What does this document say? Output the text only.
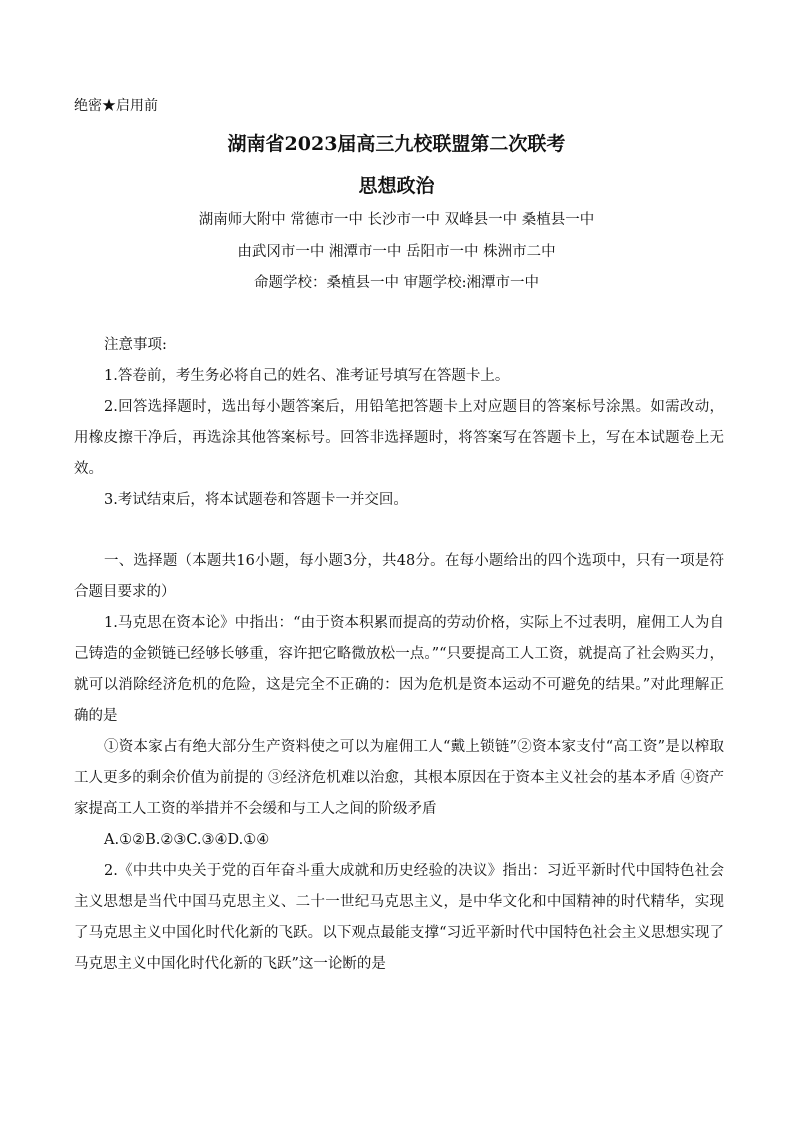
绝密★启用前
湖南省2023届高三九校联盟第二次联考
思想政治
湖南师大附中 常德市一中 长沙市一中 双峰县一中 桑植县一中
由武冈市一中 湘潭市一中 岳阳市一中 株洲市二中
命题学校：桑植县一中 审题学校:湘潭市一中

注意事项:

1.答卷前，考生务必将自己的姓名、准考证号填写在答题卡上。

2.回答选择题时，选出每小题答案后，用铅笔把答题卡上对应题目的答案标号涂黑。如需改动，用橡皮擦干净后，再选涂其他答案标号。回答非选择题时，将答案写在答题卡上，写在本试题卷上无效。

3.考试结束后，将本试题卷和答题卡一并交回。

一、选择题（本题共16小题，每小题3分，共48分。在每小题给出的四个选项中，只有一项是符合题目要求的）

1.马克思在资本论》中指出：“由于资本积累而提高的劳动价格，实际上不过表明，雇佣工人为自己铸造的金锁链已经够长够重，容许把它略微放松一点。”“只要提高工人工资，就提高了社会购买力，就可以消除经济危机的危险，这是完全不正确的：因为危机是资本运动不可避免的结果。”对此理解正确的是

①资本家占有绝大部分生产资料使之可以为雇佣工人“戴上锁链”②资本家支付“高工资”是以榨取工人更多的剩余价值为前提的 ③经济危机难以治愈，其根本原因在于资本主义社会的基本矛盾 ④资产家提高工人工资的举措并不会缓和与工人之间的阶级矛盾

A.①②B.②③C.③④D.①④

2.《中共中央关于党的百年奋斗重大成就和历史经验的决议》指出：习近平新时代中国特色社会主义思想是当代中国马克思主义、二十一世纪马克思主义，是中华文化和中国精神的时代精华，实现了马克思主义中国化时代化新的飞跃。以下观点最能支撑“习近平新时代中国特色社会主义思想实现了马克思主义中国化时代化新的飞跃”这一论断的是
